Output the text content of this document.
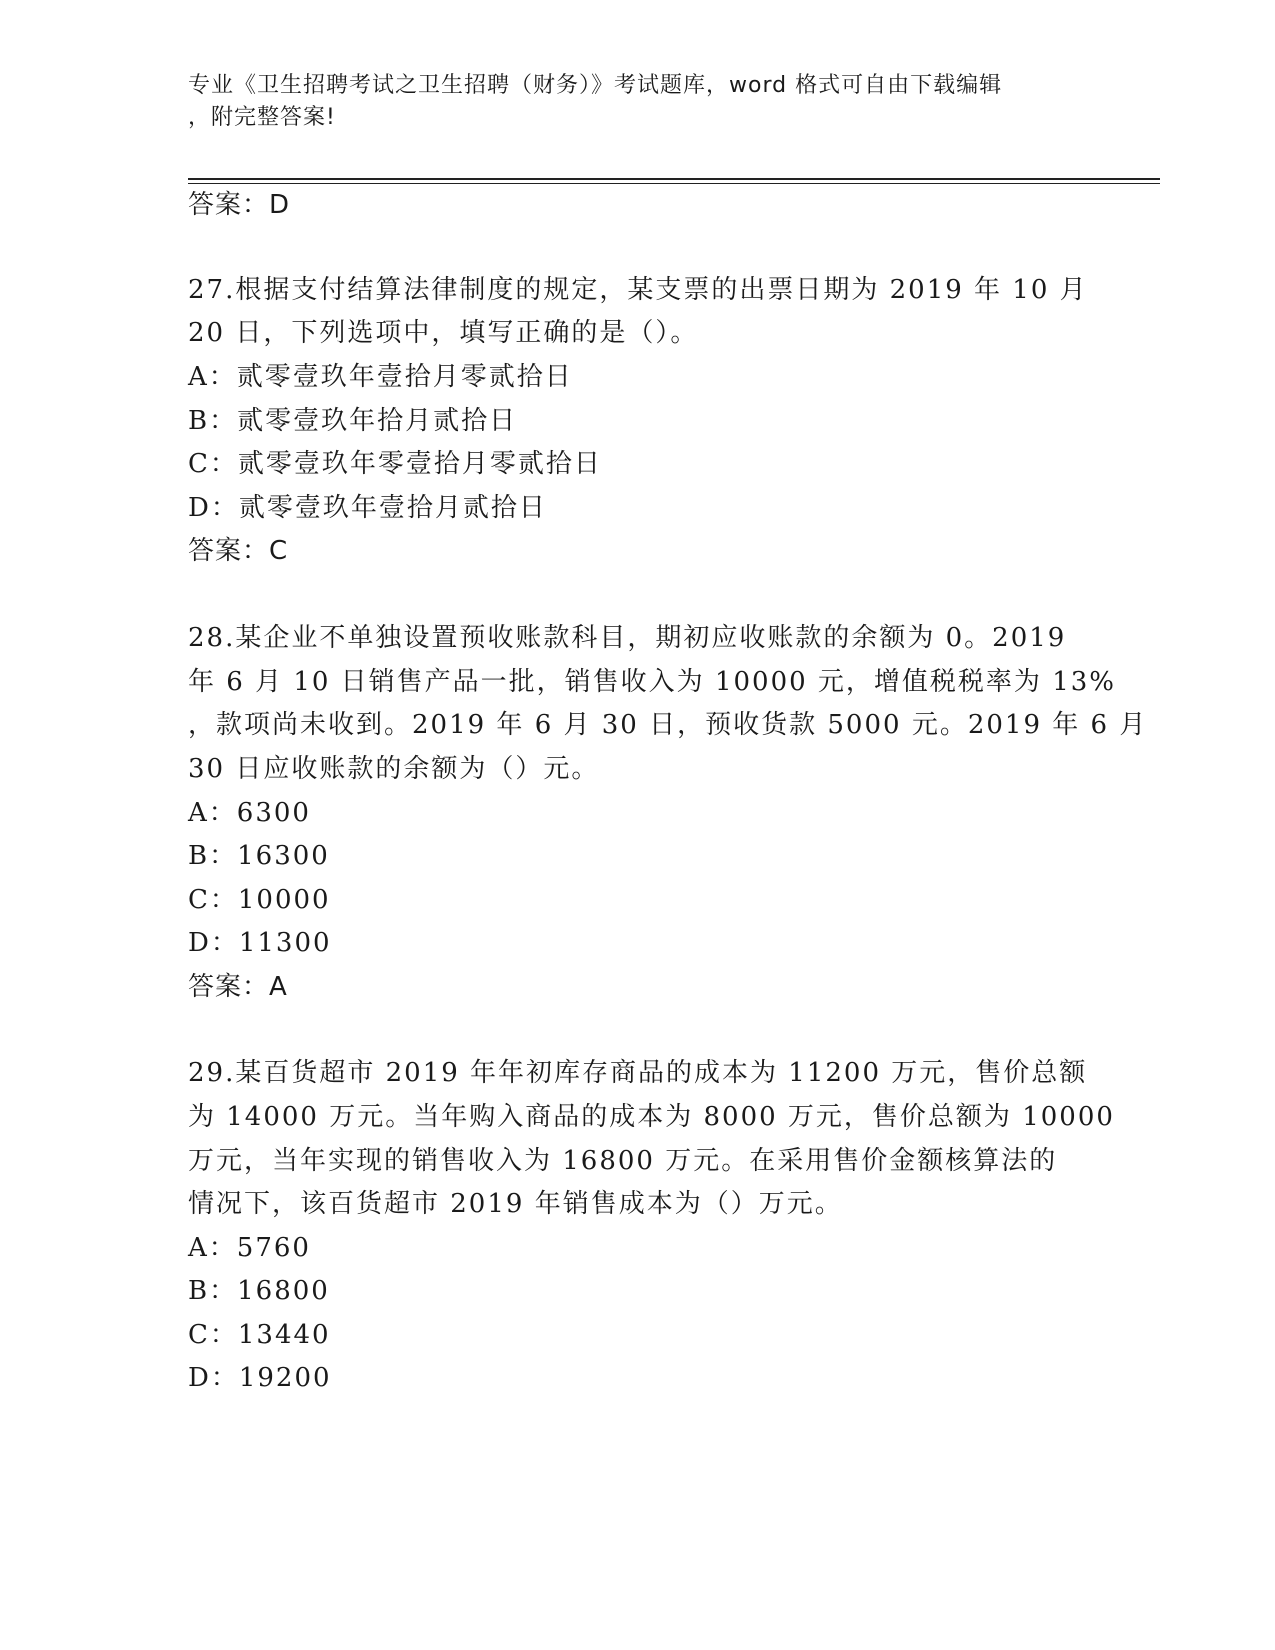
专业《卫生招聘考试之卫生招聘（财务）》考试题库，word 格式可自由下载编辑
，附完整答案!
答案：D
27.根据支付结算法律制度的规定，某支票的出票日期为 2019 年 10 月
20 日，下列选项中，填写正确的是（）。
A：贰零壹玖年壹拾月零贰拾日
B：贰零壹玖年拾月贰拾日
C：贰零壹玖年零壹拾月零贰拾日
D：贰零壹玖年壹拾月贰拾日
答案：C
28.某企业不单独设置预收账款科目，期初应收账款的余额为 0。2019
年 6 月 10 日销售产品一批，销售收入为 10000 元，增值税税率为 13%
，款项尚未收到。2019 年 6 月 30 日，预收货款 5000 元。2019 年 6 月
30 日应收账款的余额为（）元。
A：6300
B：16300
C：10000
D：11300
答案：A
29.某百货超市 2019 年年初库存商品的成本为 11200 万元，售价总额
为 14000 万元。当年购入商品的成本为 8000 万元，售价总额为 10000
万元，当年实现的销售收入为 16800 万元。在采用售价金额核算法的
情况下，该百货超市 2019 年销售成本为（）万元。
A：5760
B：16800
C：13440
D：19200
